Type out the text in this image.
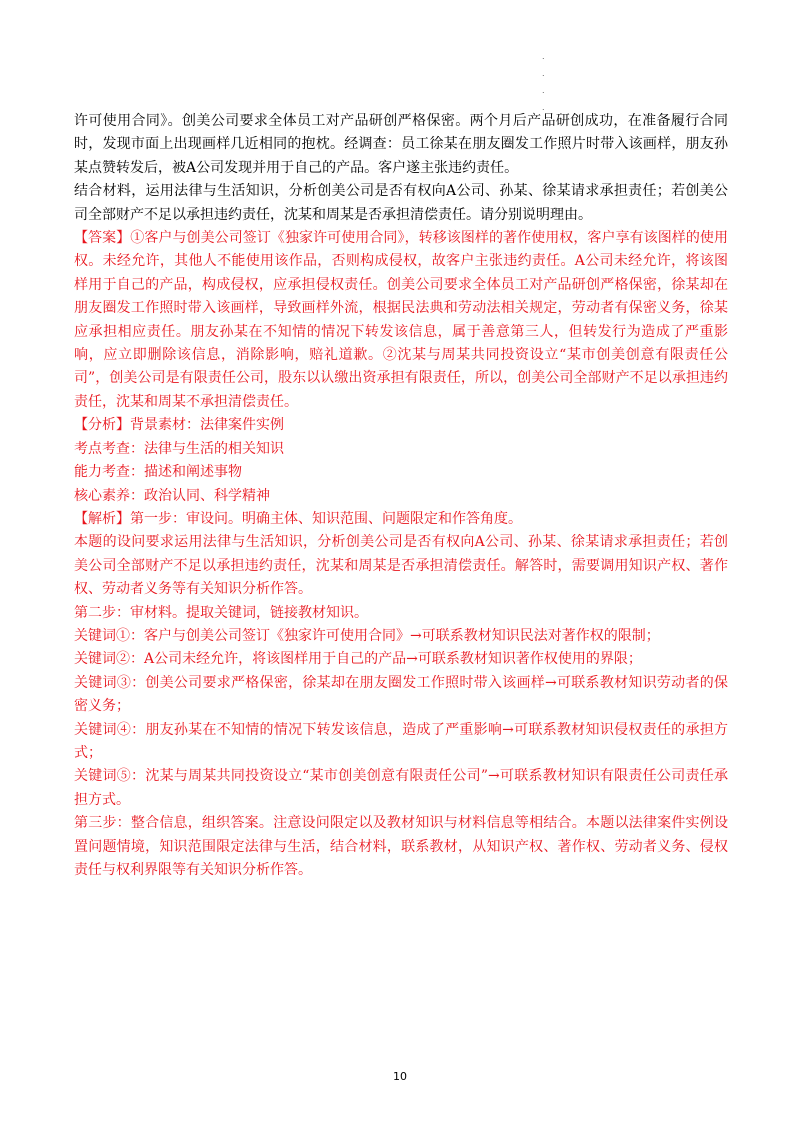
.
.
.
.

许可使用合同》。创美公司要求全体员工对产品研创严格保密。两个月后产品研创成功，在准备履行合同时，发现市面上出现画样几近相同的抱枕。经调查：员工徐某在朋友圈发工作照片时带入该画样，朋友孙某点赞转发后，被A公司发现并用于自己的产品。客户遂主张违约责任。

结合材料，运用法律与生活知识，分析创美公司是否有权向A公司、孙某、徐某请求承担责任；若创美公司全部财产不足以承担违约责任，沈某和周某是否承担清偿责任。请分别说明理由。

【答案】①客户与创美公司签订《独家许可使用合同》，转移该图样的著作使用权，客户享有该图样的使用权。未经允许，其他人不能使用该作品，否则构成侵权，故客户主张违约责任。A公司未经允许，将该图样用于自己的产品，构成侵权，应承担侵权责任。创美公司要求全体员工对产品研创严格保密，徐某却在朋友圈发工作照时带入该画样，导致画样外流，根据民法典和劳动法相关规定，劳动者有保密义务，徐某应承担相应责任。朋友孙某在不知情的情况下转发该信息，属于善意第三人，但转发行为造成了严重影响，应立即删除该信息，消除影响，赔礼道歉。②沈某与周某共同投资设立“某市创美创意有限责任公司”，创美公司是有限责任公司，股东以认缴出资承担有限责任，所以，创美公司全部财产不足以承担违约责任，沈某和周某不承担清偿责任。

【分析】背景素材：法律案件实例

考点考查：法律与生活的相关知识

能力考查：描述和阐述事物

核心素养：政治认同、科学精神

【解析】第一步：审设问。明确主体、知识范围、问题限定和作答角度。

本题的设问要求运用法律与生活知识，分析创美公司是否有权向A公司、孙某、徐某请求承担责任；若创美公司全部财产不足以承担违约责任，沈某和周某是否承担清偿责任。解答时，需要调用知识产权、著作权、劳动者义务等有关知识分析作答。

第二步：审材料。提取关键词，链接教材知识。

关键词①：客户与创美公司签订《独家许可使用合同》→可联系教材知识民法对著作权的限制；

关键词②：A公司未经允许，将该图样用于自己的产品→可联系教材知识著作权使用的界限；

关键词③：创美公司要求严格保密，徐某却在朋友圈发工作照时带入该画样→可联系教材知识劳动者的保密义务；

关键词④：朋友孙某在不知情的情况下转发该信息，造成了严重影响→可联系教材知识侵权责任的承担方式；

关键词⑤：沈某与周某共同投资设立“某市创美创意有限责任公司”→可联系教材知识有限责任公司责任承担方式。

第三步：整合信息，组织答案。注意设问限定以及教材知识与材料信息等相结合。本题以法律案件实例设置问题情境，知识范围限定法律与生活，结合材料，联系教材，从知识产权、著作权、劳动者义务、侵权责任与权利界限等有关知识分析作答。

10
